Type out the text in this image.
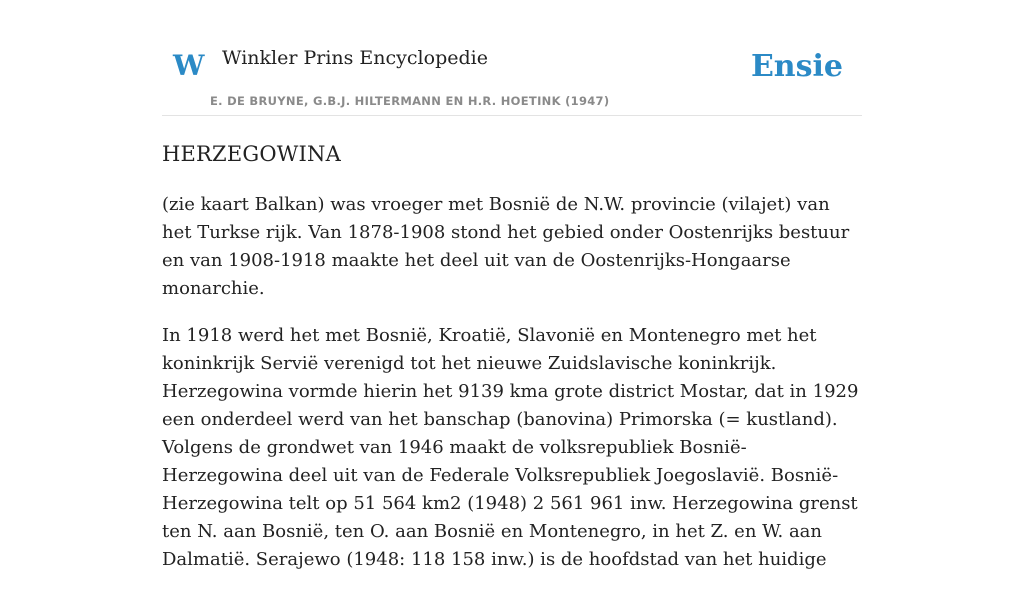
W Winkler Prins Encyclopedie
E. DE BRUYNE, G.B.J. HILTERMANN EN H.R. HOETINK (1947)
Ensie
HERZEGOWINA

(zie kaart Balkan) was vroeger met Bosnië de N.W. provincie (vilajet) van het Turkse rijk. Van 1878-1908 stond het gebied onder Oostenrijks bestuur en van 1908-1918 maakte het deel uit van de Oostenrijks-Hongaarse monarchie.

In 1918 werd het met Bosnië, Kroatië, Slavonië en Montenegro met het koninkrijk Servië verenigd tot het nieuwe Zuidslavische koninkrijk. Herzegowina vormde hierin het 9139 kma grote district Mostar, dat in 1929 een onderdeel werd van het banschap (banovina) Primorska (= kustland). Volgens de grondwet van 1946 maakt de volksrepubliek Bosnië-Herzegowina deel uit van de Federale Volksrepubliek Joegoslavië. Bosnië-Herzegowina telt op 51 564 km2 (1948) 2 561 961 inw. Herzegowina grenst ten N. aan Bosnië, ten O. aan Bosnië en Montenegro, in het Z. en W. aan Dalmatië. Serajewo (1948: 118 158 inw.) is de hoofdstad van het huidige
